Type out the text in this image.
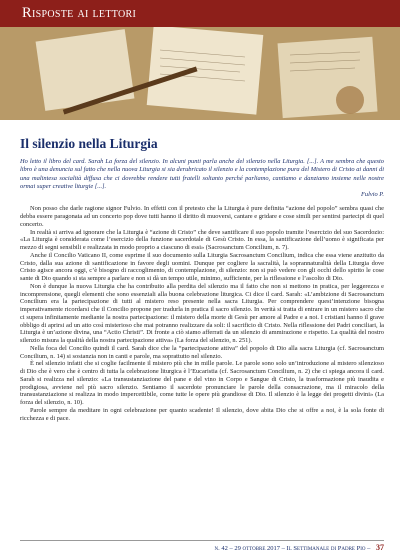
Risposte ai lettori
Il silenzio nella Liturgia

Ho letto il libro del card. Sarah La forza del silenzio. In alcuni punti parla anche del silenzio nella Liturgia. [...]. A me sembra che questo libro è una denuncia sul fatto che nella nuova Liturgia si sia derubricato il silenzio e la contemplazione pura del Mistero di Cristo ai danni di una malintesa socialità diffusa che ci dovrebbe rendere tutti fratelli soltanto perché parliamo, cantiamo e danziamo insieme nelle nostre ormai super creative liturgie [...].

Fulvio P.

Non posso che darle ragione signor Fulvio. In effetti con il pretesto che la Liturgia è pure definita “azione del popolo” sembra quasi che debba essere paragonata ad un concerto pop dove tutti hanno il diritto di muoversi, cantare e gridare e cose simili per sentirsi partecipi di quel concerto.

In realtà si arriva ad ignorare che la Liturgia è “azione di Cristo” che deve santificare il suo popolo tramite l’esercizio del suo Sacerdozio: «La Liturgia è considerata come l’esercizio della funzione sacerdotale di Gesù Cristo. In essa, la santificazione dell’uomo è significata per mezzo di segni sensibili e realizzata in modo proprio a ciascuno di essi» (Sacrosanctum Concilium, n. 7).

Anche il Concilio Vaticano II, come esprime il suo documento sulla Liturgia Sacrosanctum Concilium, indica che essa viene anzitutto da Cristo, dalla sua azione di santificazione in favore degli uomini. Dunque per cogliere la sacralità, la soprannaturalità della Liturgia dove Cristo agisce ancora oggi, c’è bisogno di raccoglimento, di contemplazione, di silenzio: non si può vedere con gli occhi dello spirito le cose sante di Dio quando si sta sempre a parlare e non si dà un tempo utile, minimo, sufficiente, per la riflessione e l’ascolto di Dio.

Non è dunque la nuova Liturgia che ha contribuito alla perdita del silenzio ma il fatto che non si mettono in pratica, per leggerezza e incomprensione, quegli elementi che sono essenziali alla buona celebrazione liturgica. Ci dice il card. Sarah: «L’ambizione di Sacrosanctum Concilium era la partecipazione di tutti al mistero reso presente nella sacra Liturgia. Per comprendere quest’intenzione bisogna imperativamente ricordarsi che il Concilio propone per tradurla in pratica il sacro silenzio. In verità si tratta di entrare in un mistero sacro che ci supera infinitamente mediante la nostra partecipazione: il mistero della morte di Gesù per amore al Padre e a noi. I cristiani hanno il grave obbligo di aprirsi ad un atto così misterioso che mai potranno realizzare da soli: il sacrificio di Cristo. Nella riflessione dei Padri conciliari, la Liturgia è un’azione divina, una “Actio Christi”. Di fronte a ciò siamo afferrati da un silenzio di ammirazione e rispetto. La qualità del nostro silenzio misura la qualità della nostra partecipazione attiva» (La forza del silenzio, n. 251).

Nella foca del Concilio quindi il card. Sarah dice che la “partecipazione attiva” del popolo di Dio alla sacra Liturgia (cf. Sacrosanctum Concilium, n. 14) si sostanzia non in canti e parole, ma soprattutto nel silenzio.

È nel silenzio infatti che si coglie facilmente il mistero più che in mille parole. Le parole sono solo un’introduzione al mistero silenzioso di Dio che è vero che è centro di tutta la celebrazione liturgica è l’Eucaristia (cf. Sacrosanctum Concilium, n. 2) che ci spiega ancora il card. Sarah si realizza nel silenzio: «La transustanziazione del pane e del vino in Corpo e Sangue di Cristo, la trasformazione più inaudita e prodigiosa, avviene nel più sacro silenzio. Sentiamo il sacerdote pronunciare le parole della consacrazione, ma il miracolo della transustanziazione si realizza in modo impercettibile, come tutte le opere più grandiose di Dio. Il silenzio è la legge dei progetti divini» (La forza del silenzio, n. 10).

Parole sempre da meditare in ogni celebrazione per quanto scadente! Il silenzio, dove abita Dio che si offre a noi, è la sola fonte di ricchezza e di pace.

n. 42 – 29 ottobre 2017 – Il Settimanale di Padre Pio – 37
